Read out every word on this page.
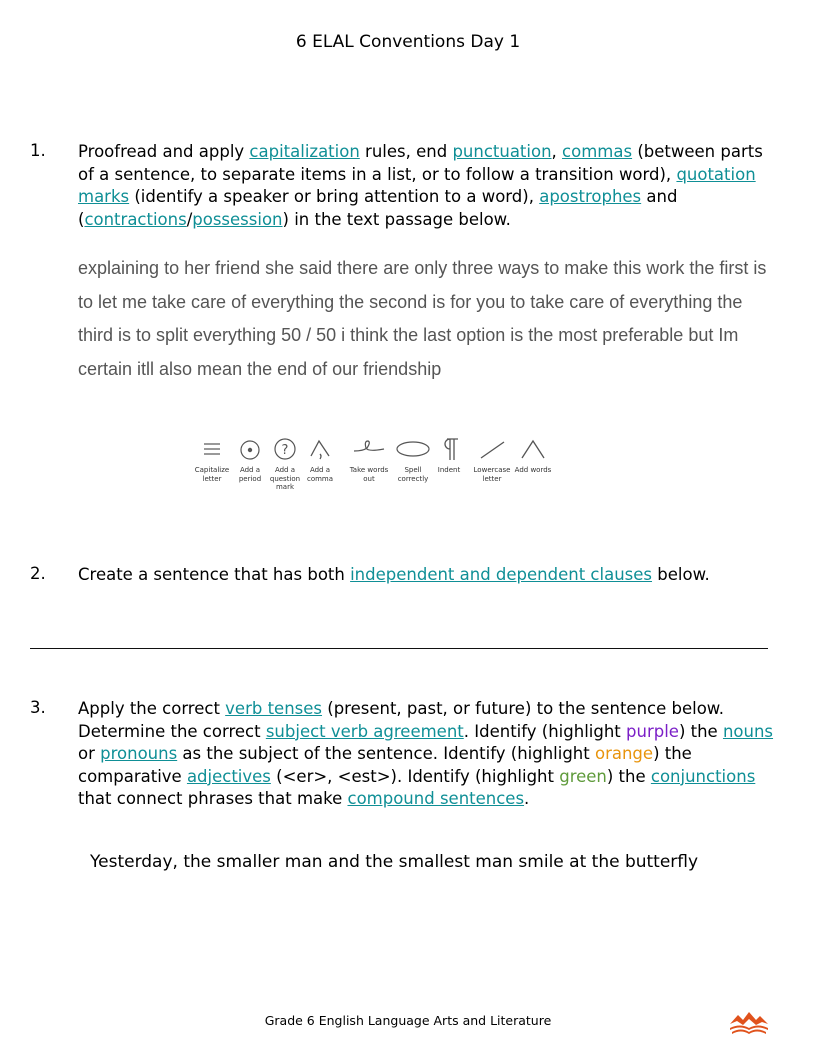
6 ELAL Conventions Day 1
1. Proofread and apply capitalization rules, end punctuation, commas (between parts of a sentence, to separate items in a list, or to follow a transition word), quotation marks (identify a speaker or bring attention to a word), apostrophes and (contractions/possession) in the text passage below.
explaining to her friend she said there are only three ways to make this work the first is to let me take care of everything the second is for you to take care of everything the third is to split everything 50 / 50 i think the last option is the most preferable but Im certain itll also mean the end of our friendship
Capitalize letter
Add a period
?
Add a question mark
Add a comma
Take words out
Spell correctly
Indent	Lowercase letter
Add words
2. Create a sentence that has both independent and dependent clauses below.
3. Apply the correct verb tenses (present, past, or future) to the sentence below. Determine the correct subject verb agreement. Identify (highlight purple) the nouns or pronouns as the subject of the sentence. Identify (highlight orange) the comparative adjectives (<er>, <est>). Identify (highlight green) the conjunctions that connect phrases that make compound sentences.
Yesterday, the smaller man and the smallest man smile at the butterfly
Grade 6 English Language Arts and Literature
